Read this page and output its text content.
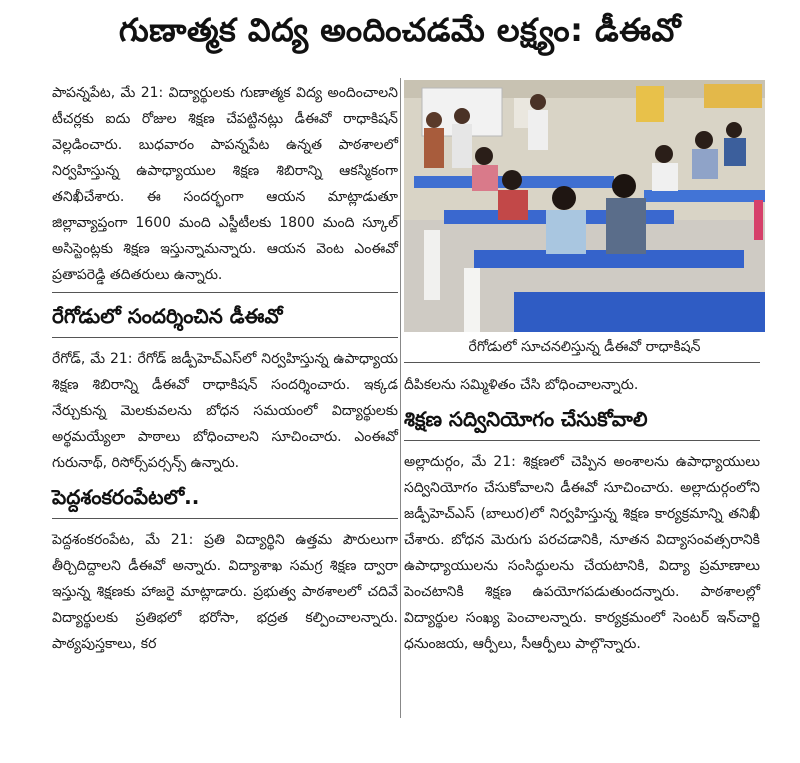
గుణాత్మక విద్య అందించడమే లక్ష్యం: డీఈవో

పాపన్నపేట, మే 21: విద్యార్థులకు గుణాత్మక విద్య అందించాలని టీచర్లకు ఐదు రోజుల శిక్షణ చేపట్టినట్లు డీఈవో రాధాకిషన్ వెల్లడించారు. బుధవారం పాపన్నపేట ఉన్నత పాఠశాలలో నిర్వహిస్తున్న ఉపాధ్యాయుల శిక్షణ శిబిరాన్ని ఆకస్మికంగా తనిఖీచేశారు. ఈ సందర్భంగా ఆయన మాట్లాడుతూ జిల్లావ్యాప్తంగా 1600 మంది ఎస్జీటీలకు 1800 మంది స్కూల్ అసిస్టెంట్లకు శిక్షణ ఇస్తున్నామన్నారు. ఆయన వెంట ఎంఈవో ప్రతాపరెడ్డి తదితరులు ఉన్నారు.

రేగోడులో సందర్శించిన డీఈవో

రేగోడ్, మే 21: రేగోడ్ జడ్పీహెచ్ఎస్‌లో నిర్వహిస్తున్న ఉపాధ్యాయ శిక్షణ శిబిరాన్ని డీఈవో రాధాకిషన్ సందర్శించారు. ఇక్కడ నేర్చుకున్న మెలకువలను బోధన సమయంలో విద్యార్థులకు అర్థమయ్యేలా పాఠాలు బోధించాలని సూచించారు. ఎంఈవో గురునాథ్, రిసోర్స్‌పర్సన్స్ ఉన్నారు.

పెద్దశంకరంపేటలో..

పెద్దశంకరంపేట, మే 21: ప్రతి విద్యార్థిని ఉత్తమ పౌరులుగా తీర్చిదిద్దాలని డీఈవో అన్నారు. విద్యాశాఖ సమగ్ర శిక్షణ ద్వారా ఇస్తున్న శిక్షణకు హాజరై మాట్లాడారు. ప్రభుత్వ పాఠశాలలో చదివే విద్యార్థులకు ప్రతిభలో భరోసా, భద్రత కల్పించాలన్నారు. పాఠ్యపుస్తకాలు, కర

రేగోడులో సూచనలిస్తున్న డీఈవో రాధాకిషన్

దీపికలను సమ్మిళితం చేసి బోధించాలన్నారు.

శిక్షణ సద్వినియోగం చేసుకోవాలి

అల్లాదుర్గం, మే 21: శిక్షణలో చెప్పిన అంశాలను ఉపాధ్యాయులు సద్వినియోగం చేసుకోవాలని డీఈవో సూచించారు. అల్లాదుర్గంలోని జడ్పీహెచ్ఎస్ (బాలుర)లో నిర్వహిస్తున్న శిక్షణ కార్యక్రమాన్ని తనిఖీ చేశారు. బోధన మెరుగు పరచడానికి, నూతన విద్యాసంవత్సరానికి ఉపాధ్యాయులను సంసిద్ధులను చేయటానికి, విద్యా ప్రమాణాలు పెంచటానికి శిక్షణ ఉపయోగపడుతుందన్నారు. పాఠశాలల్లో విద్యార్థుల సంఖ్య పెంచాలన్నారు. కార్యక్రమంలో సెంటర్ ఇన్‌చార్జి ధనుంజయ, ఆర్పీలు, సీఆర్పీలు పాల్గొన్నారు.
